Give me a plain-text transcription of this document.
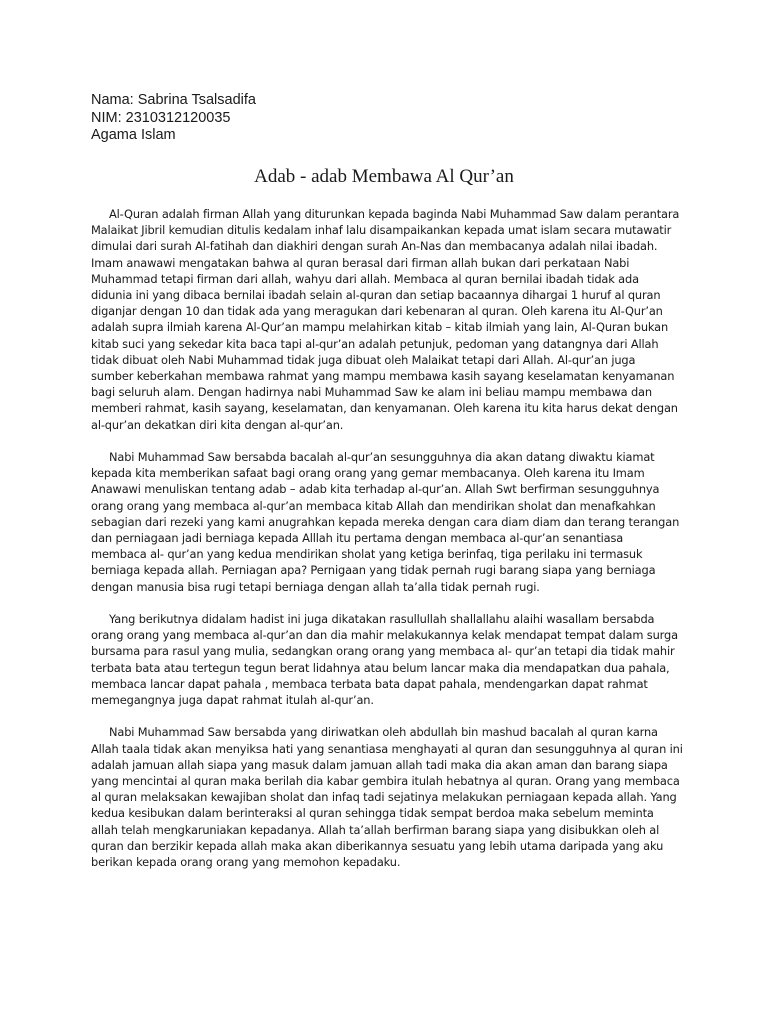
Nama: Sabrina Tsalsadifa
NIM: 2310312120035
Agama Islam
Adab - adab Membawa Al Qur’an

Al-Quran adalah firman Allah yang diturunkan kepada baginda Nabi Muhammad Saw dalam perantara
Malaikat Jibril kemudian ditulis kedalam inhaf lalu disampaikankan kepada umat islam secara mutawatir
dimulai dari surah Al-fatihah dan diakhiri dengan surah An-Nas dan membacanya adalah nilai ibadah.
Imam anawawi mengatakan bahwa al quran berasal dari firman allah bukan dari perkataan Nabi
Muhammad tetapi firman dari allah, wahyu dari allah. Membaca al quran bernilai ibadah tidak ada
didunia ini yang dibaca bernilai ibadah selain al-quran dan setiap bacaannya dihargai 1 huruf al quran
diganjar dengan 10 dan tidak ada yang meragukan dari kebenaran al quran. Oleh karena itu Al-Qur’an
adalah supra ilmiah karena Al-Qur’an mampu melahirkan kitab – kitab ilmiah yang lain, Al-Quran bukan
kitab suci yang sekedar kita baca tapi al-qur’an adalah petunjuk, pedoman yang datangnya dari Allah
tidak dibuat oleh Nabi Muhammad tidak juga dibuat oleh Malaikat tetapi dari Allah. Al-qur’an juga
sumber keberkahan membawa rahmat yang mampu membawa kasih sayang keselamatan kenyamanan
bagi seluruh alam. Dengan hadirnya nabi Muhammad Saw ke alam ini beliau mampu membawa dan
memberi rahmat, kasih sayang, keselamatan, dan kenyamanan. Oleh karena itu kita harus dekat dengan
al-qur’an dekatkan diri kita dengan al-qur’an.

Nabi Muhammad Saw bersabda bacalah al-qur’an sesungguhnya dia akan datang diwaktu kiamat
kepada kita memberikan safaat bagi orang orang yang gemar membacanya. Oleh karena itu Imam
Anawawi menuliskan tentang adab – adab kita terhadap al-qur’an. Allah Swt berfirman sesungguhnya
orang orang yang membaca al-qur’an membaca kitab Allah dan mendirikan sholat dan menafkahkan
sebagian dari rezeki yang kami anugrahkan kepada mereka dengan cara diam diam dan terang terangan
dan perniagaan jadi berniaga kepada Alllah itu pertama dengan membaca al-qur’an senantiasa
membaca al- qur’an yang kedua mendirikan sholat yang ketiga berinfaq, tiga perilaku ini termasuk
berniaga kepada allah. Perniagan apa? Pernigaan yang tidak pernah rugi barang siapa yang berniaga
dengan manusia bisa rugi tetapi berniaga dengan allah ta’alla tidak pernah rugi.

Yang berikutnya didalam hadist ini juga dikatakan rasullullah shallallahu alaihi wasallam bersabda
orang orang yang membaca al-qur’an dan dia mahir melakukannya kelak mendapat tempat dalam surga
bursama para rasul yang mulia, sedangkan orang orang yang membaca al- qur’an tetapi dia tidak mahir
terbata bata atau tertegun tegun berat lidahnya atau belum lancar maka dia mendapatkan dua pahala,
membaca lancar dapat pahala , membaca terbata bata dapat pahala, mendengarkan dapat rahmat
memegangnya juga dapat rahmat itulah al-qur’an.

Nabi Muhammad Saw bersabda yang diriwatkan oleh abdullah bin mashud bacalah al quran karna
Allah taala tidak akan menyiksa hati yang senantiasa menghayati al quran dan sesungguhnya al quran ini
adalah jamuan allah siapa yang masuk dalam jamuan allah tadi maka dia akan aman dan barang siapa
yang mencintai al quran maka berilah dia kabar gembira itulah hebatnya al quran. Orang yang membaca
al quran melaksakan kewajiban sholat dan infaq tadi sejatinya melakukan perniagaan kepada allah. Yang
kedua kesibukan dalam berinteraksi al quran sehingga tidak sempat berdoa maka sebelum meminta
allah telah mengkaruniakan kepadanya. Allah ta’allah berfirman barang siapa yang disibukkan oleh al
quran dan berzikir kepada allah maka akan diberikannya sesuatu yang lebih utama daripada yang aku
berikan kepada orang orang yang memohon kepadaku.
